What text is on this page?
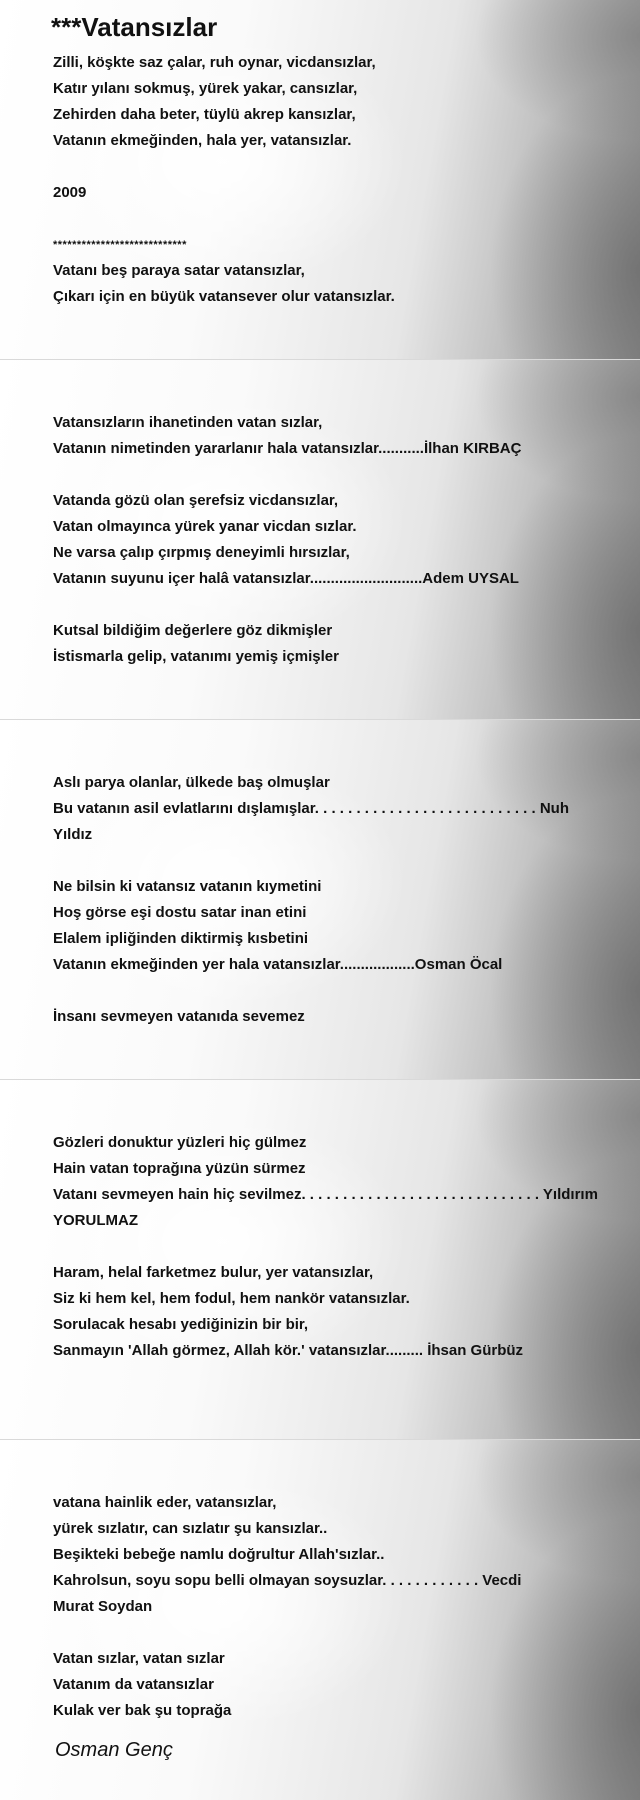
***Vatansızlar
Zilli, köşkte saz çalar, ruh oynar, vicdansızlar,
Katır yılanı sokmuş, yürek yakar, cansızlar,
Zehirden daha beter, tüylü akrep kansızlar,
Vatanın ekmeğinden, hala yer, vatansızlar.
2009
****************************
Vatanı beş paraya satar vatansızlar,
Çıkarı için en büyük vatansever olur vatansızlar.
Vatansızların ihanetinden vatan sızlar,
Vatanın nimetinden yararlanır hala vatansızlar...........İlhan KIRBAÇ
Vatanda gözü olan şerefsiz vicdansızlar,
Vatan olmayınca yürek yanar vicdan sızlar.
Ne varsa çalıp çırpmış deneyimli hırsızlar,
Vatanın suyunu içer halâ vatansızlar...........................Adem UYSAL
Kutsal bildiğim değerlere göz dikmişler
İstismarla gelip, vatanımı yemiş içmişler
Aslı parya olanlar, ülkede baş olmuşlar
Bu vatanın asil evlatlarını dışlamışlar. . . . . . . . . . . . . . . . . . . . . . . . . . . Nuh
Yıldız
Ne bilsin ki vatansız vatanın kıymetini
Hoş görse eşi dostu satar inan etini
Elalem ipliğinden diktirmiş kısbetini
Vatanın ekmeğinden yer hala vatansızlar..................Osman Öcal
İnsanı sevmeyen vatanıda sevemez
Gözleri donuktur yüzleri hiç gülmez
Hain vatan toprağına yüzün sürmez
Vatanı sevmeyen hain hiç sevilmez. . . . . . . . . . . . . . . . . . . . . . . . . . . . . Yıldırım
YORULMAZ
Haram, helal farketmez bulur, yer vatansızlar,
Siz ki hem kel, hem fodul, hem nankör vatansızlar.
Sorulacak hesabı yediğinizin bir bir,
Sanmayın 'Allah görmez, Allah kör.' vatansızlar......... İhsan Gürbüz
vatana hainlik eder, vatansızlar,
yürek sızlatır, can sızlatır şu kansızlar..
Beşikteki bebeğe namlu doğrultur Allah'sızlar..
Kahrolsun, soyu sopu belli olmayan soysuzlar. . . . . . . . . . . . Vecdi
Murat Soydan
Vatan sızlar, vatan sızlar
Vatanım da vatansızlar
Kulak ver bak şu toprağa
Osman Genç
